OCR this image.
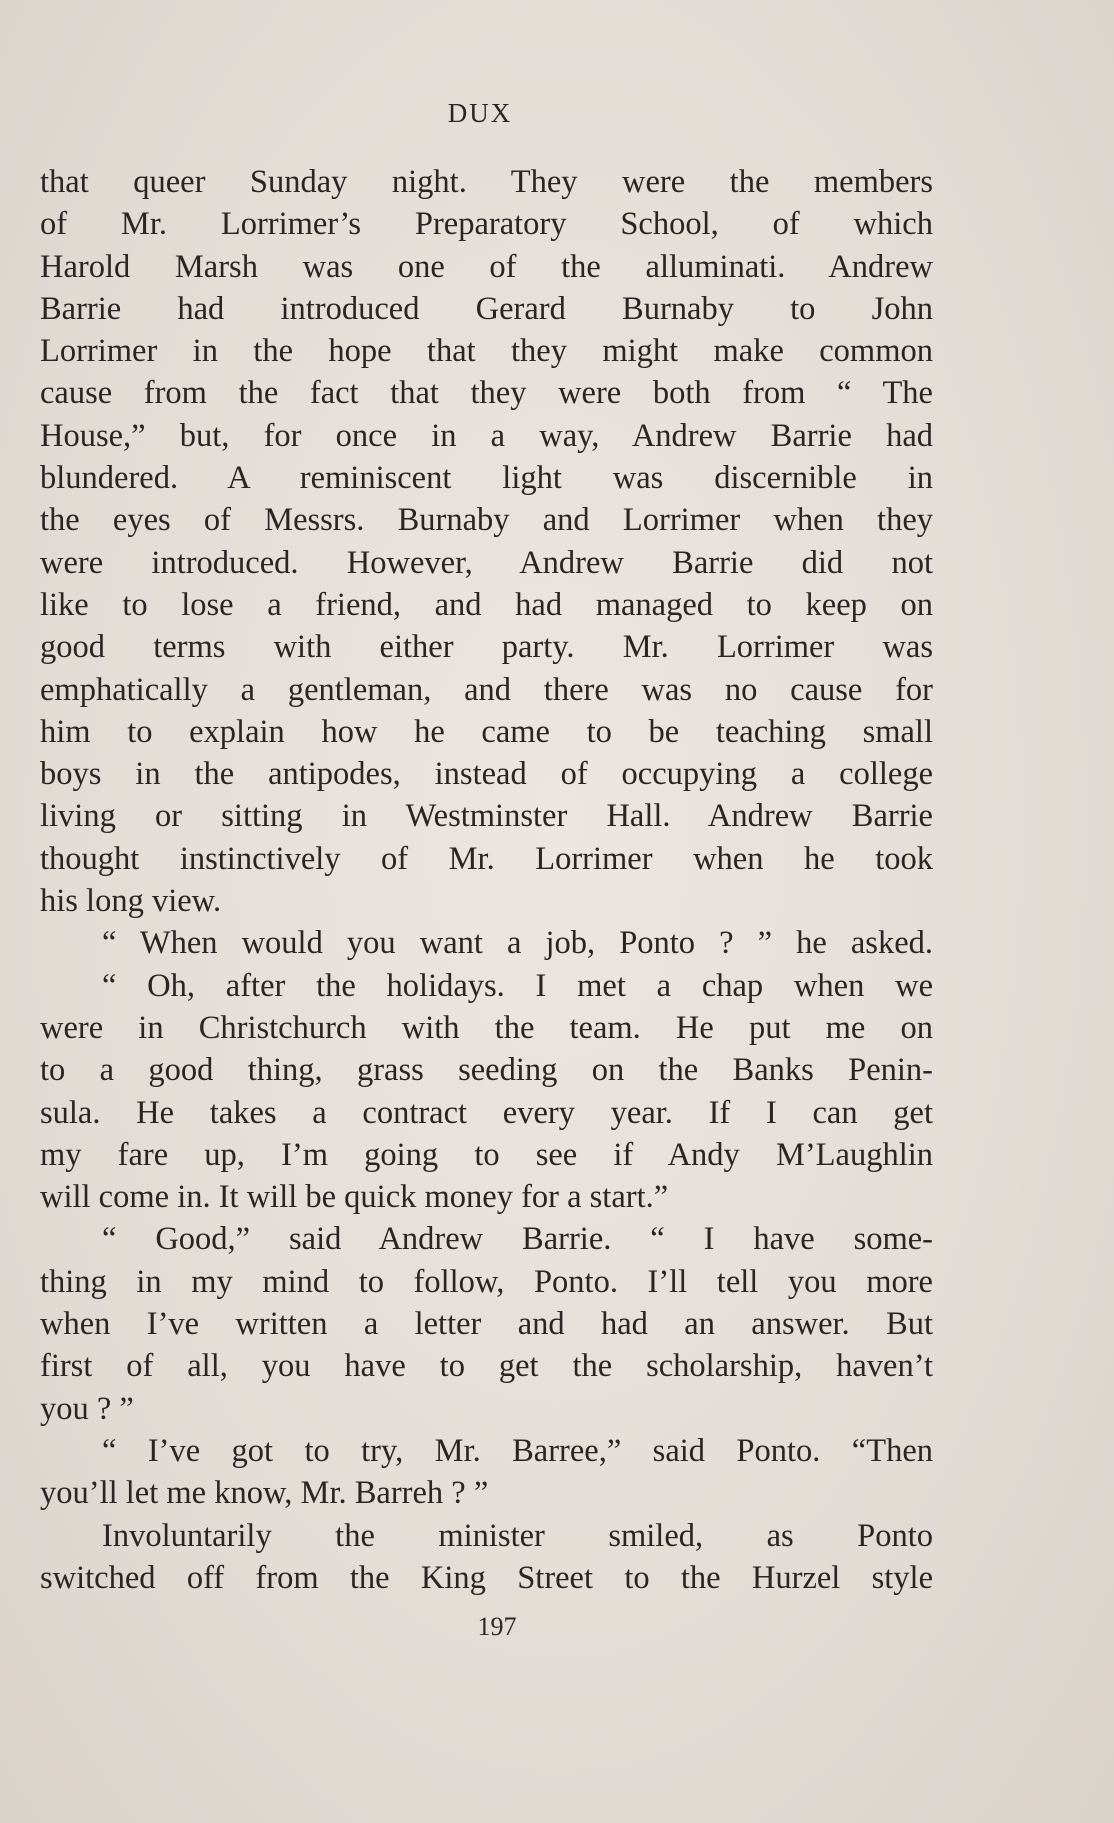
DUX
that queer Sunday night. They were the members
of Mr. Lorrimer’s Preparatory School, of which
Harold Marsh was one of the alluminati. Andrew
Barrie had introduced Gerard Burnaby to John
Lorrimer in the hope that they might make common
cause from the fact that they were both from “ The
House,” but, for once in a way, Andrew Barrie had
blundered. A reminiscent light was discernible in
the eyes of Messrs. Burnaby and Lorrimer when they
were introduced. However, Andrew Barrie did not
like to lose a friend, and had managed to keep on
good terms with either party. Mr. Lorrimer was
emphatically a gentleman, and there was no cause for
him to explain how he came to be teaching small
boys in the antipodes, instead of occupying a college
living or sitting in Westminster Hall. Andrew Barrie
thought instinctively of Mr. Lorrimer when he took
his long view.
“ When would you want a job, Ponto ? ” he asked.
“ Oh, after the holidays. I met a chap when we
were in Christchurch with the team. He put me on
to a good thing, grass seeding on the Banks Penin-
sula. He takes a contract every year. If I can get
my fare up, I’m going to see if Andy M’Laughlin
will come in. It will be quick money for a start.”
“ Good,” said Andrew Barrie. “ I have some-
thing in my mind to follow, Ponto. I’ll tell you more
when I’ve written a letter and had an answer. But
first of all, you have to get the scholarship, haven’t
you ? ”
“ I’ve got to try, Mr. Barree,” said Ponto. “Then
you’ll let me know, Mr. Barreh ? ”
Involuntarily the minister smiled, as Ponto
switched off from the King Street to the Hurzel style
197
